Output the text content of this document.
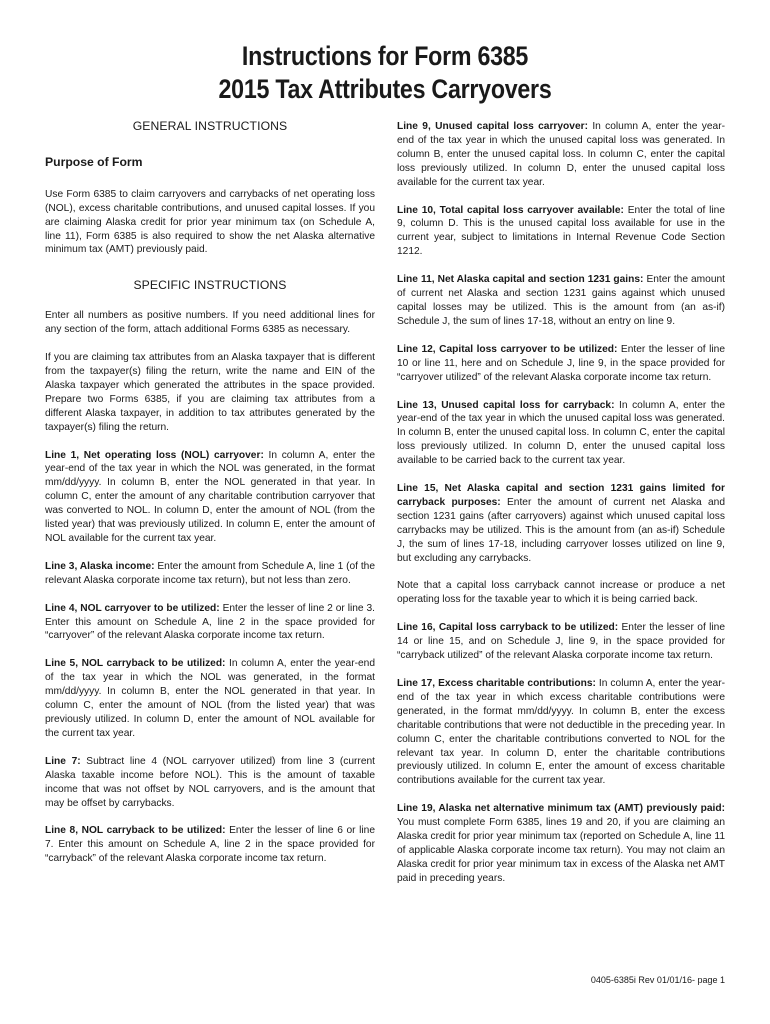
Instructions for Form 6385
2015 Tax Attributes Carryovers
GENERAL INSTRUCTIONS
Purpose of Form

Use Form 6385 to claim carryovers and carrybacks of net operating loss (NOL), excess charitable contributions, and unused capital losses. If you are claiming Alaska credit for prior year minimum tax (on Schedule A, line 11), Form 6385 is also required to show the net Alaska alternative minimum tax (AMT) previously paid.

SPECIFIC INSTRUCTIONS

Enter all numbers as positive numbers. If you need additional lines for any section of the form, attach additional Forms 6385 as necessary.

If you are claiming tax attributes from an Alaska taxpayer that is different from the taxpayer(s) filing the return, write the name and EIN of the Alaska taxpayer which generated the attributes in the space provided. Prepare two Forms 6385, if you are claiming tax attributes from a different Alaska taxpayer, in addition to tax attributes generated by the taxpayer(s) filing the return.

Line 1, Net operating loss (NOL) carryover: In column A, enter the year-end of the tax year in which the NOL was generated, in the format mm/dd/yyyy. In column B, enter the NOL generated in that year. In column C, enter the amount of any charitable contribution carryover that was converted to NOL. In column D, enter the amount of NOL (from the listed year) that was previously utilized. In column E, enter the amount of NOL available for the current tax year.

Line 3, Alaska income: Enter the amount from Schedule A, line 1 (of the relevant Alaska corporate income tax return), but not less than zero.

Line 4, NOL carryover to be utilized: Enter the lesser of line 2 or line 3. Enter this amount on Schedule A, line 2 in the space provided for “carryover” of the relevant Alaska corporate income tax return.

Line 5, NOL carryback to be utilized: In column A, enter the year-end of the tax year in which the NOL was generated, in the format mm/dd/yyyy. In column B, enter the NOL generated in that year. In column C, enter the amount of NOL (from the listed year) that was previously utilized. In column D, enter the amount of NOL available for the current tax year.

Line 7: Subtract line 4 (NOL carryover utilized) from line 3 (current Alaska taxable income before NOL). This is the amount of taxable income that was not offset by NOL carryovers, and is the amount that may be offset by carrybacks.

Line 8, NOL carryback to be utilized: Enter the lesser of line 6 or line 7. Enter this amount on Schedule A, line 2 in the space provided for “carryback” of the relevant Alaska corporate income tax return.

Line 9, Unused capital loss carryover: In column A, enter the year-end of the tax year in which the unused capital loss was generated. In column B, enter the unused capital loss. In column C, enter the capital loss previously utilized. In column D, enter the unused capital loss available for the current tax year.

Line 10, Total capital loss carryover available: Enter the total of line 9, column D. This is the unused capital loss available for use in the current year, subject to limitations in Internal Revenue Code Section 1212.

Line 11, Net Alaska capital and section 1231 gains: Enter the amount of current net Alaska and section 1231 gains against which unused capital losses may be utilized. This is the amount from (an as-if) Schedule J, the sum of lines 17-18, without an entry on line 9.

Line 12, Capital loss carryover to be utilized: Enter the lesser of line 10 or line 11, here and on Schedule J, line 9, in the space provided for “carryover utilized” of the relevant Alaska corporate income tax return.

Line 13, Unused capital loss for carryback: In column A, enter the year-end of the tax year in which the unused capital loss was generated. In column B, enter the unused capital loss. In column C, enter the capital loss previously utilized. In column D, enter the unused capital loss available to be carried back to the current tax year.

Line 15, Net Alaska capital and section 1231 gains limited for carryback purposes: Enter the amount of current net Alaska and section 1231 gains (after carryovers) against which unused capital loss carrybacks may be utilized. This is the amount from (an as-if) Schedule J, the sum of lines 17-18, including carryover losses utilized on line 9, but excluding any carrybacks.

Note that a capital loss carryback cannot increase or produce a net operating loss for the taxable year to which it is being carried back.

Line 16, Capital loss carryback to be utilized: Enter the lesser of line 14 or line 15, and on Schedule J, line 9, in the space provided for “carryback utilized” of the relevant Alaska corporate income tax return.

Line 17, Excess charitable contributions: In column A, enter the year-end of the tax year in which excess charitable contributions were generated, in the format mm/dd/yyyy. In column B, enter the excess charitable contributions that were not deductible in the preceding year. In column C, enter the charitable contributions converted to NOL for the relevant tax year. In column D, enter the charitable contributions previously utilized. In column E, enter the amount of excess charitable contributions available for the current tax year.

Line 19, Alaska net alternative minimum tax (AMT) previously paid: You must complete Form 6385, lines 19 and 20, if you are claiming an Alaska credit for prior year minimum tax (reported on Schedule A, line 11 of applicable Alaska corporate income tax return). You may not claim an Alaska credit for prior year minimum tax in excess of the Alaska net AMT paid in preceding years.

0405-6385i Rev 01/01/16- page 1
